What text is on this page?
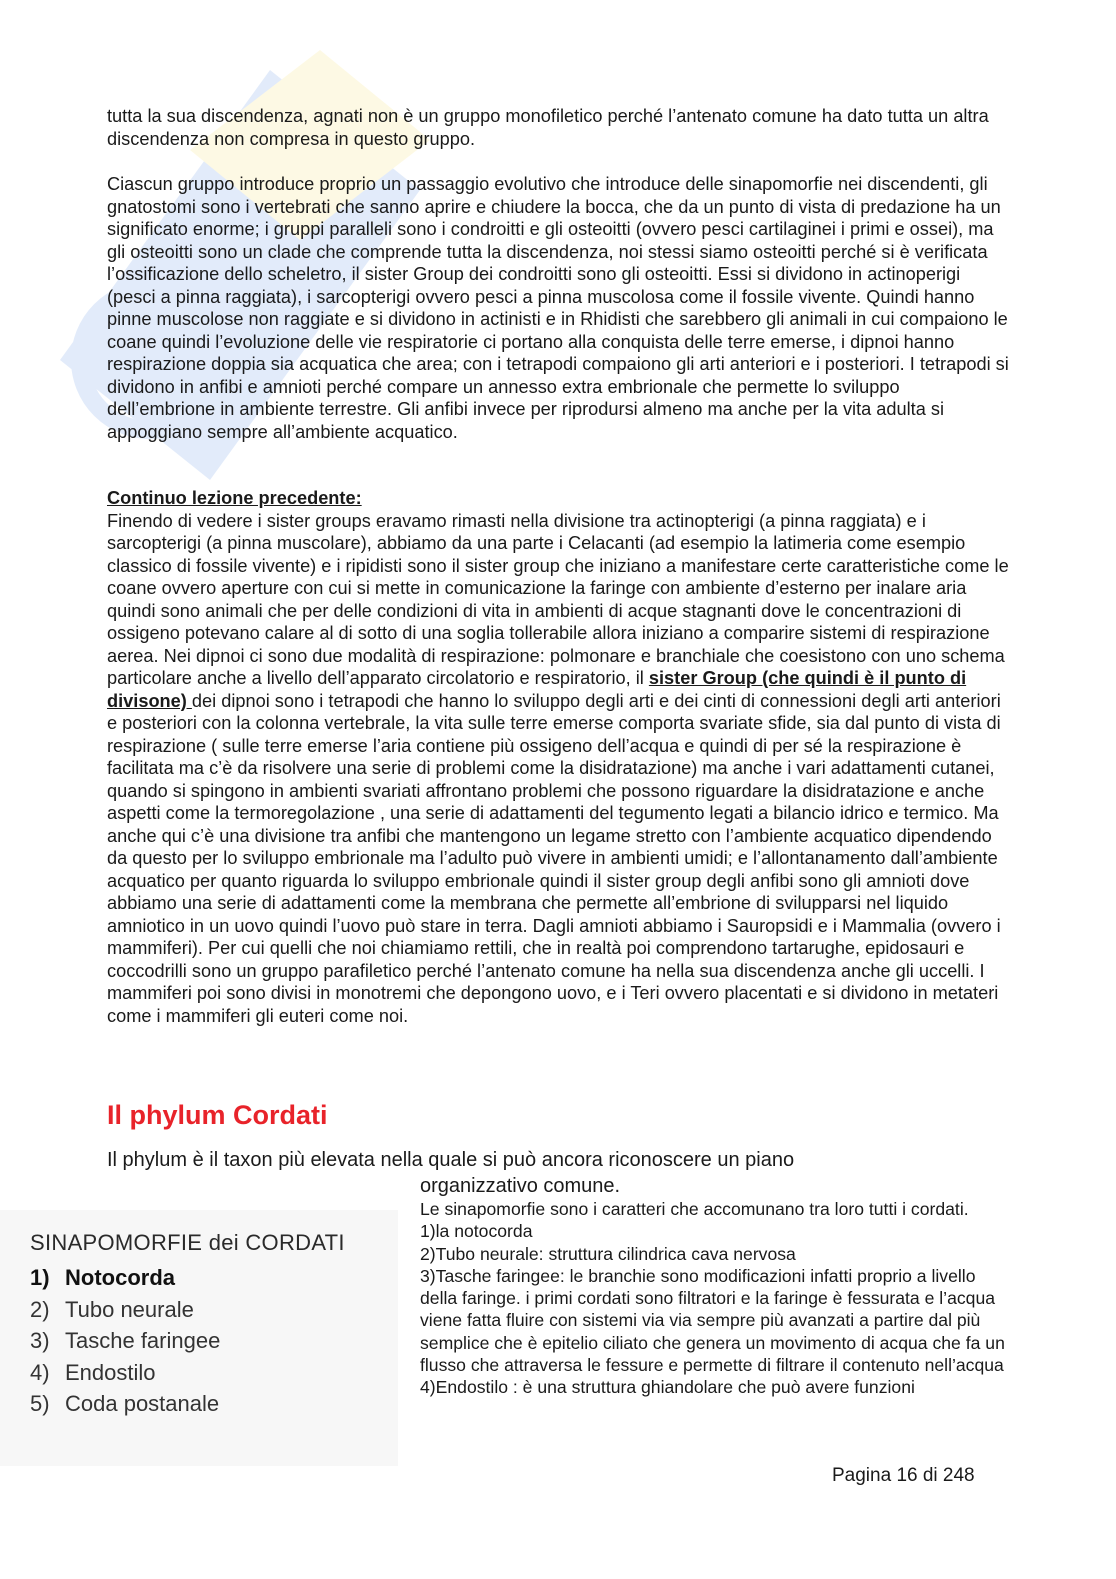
tutta la sua discendenza, agnati non è un gruppo monofiletico perché l’antenato comune ha dato tutta un altra discendenza non compresa in questo gruppo.

Ciascun gruppo introduce proprio un passaggio evolutivo che introduce delle sinapomorfie nei discendenti, gli gnatostomi sono i vertebrati che sanno aprire e chiudere la bocca, che da un punto di vista di predazione ha un significato enorme; i gruppi paralleli sono i condroitti e gli osteoitti (ovvero pesci cartilaginei i primi e ossei), ma gli osteoitti sono un clade che comprende tutta la discendenza, noi stessi siamo osteoitti perché si è verificata l’ossificazione dello scheletro, il sister Group dei condroitti sono gli osteoitti. Essi si dividono in actinoperigi (pesci a pinna raggiata), i sarcopterigi ovvero pesci a pinna muscolosa come il fossile vivente. Quindi hanno pinne muscolose non raggiate e si dividono in actinisti e in Rhidisti che sarebbero gli animali in cui compaiono le coane quindi l’evoluzione delle vie respiratorie ci portano alla conquista delle terre emerse, i dipnoi hanno respirazione doppia sia acquatica che area; con i tetrapodi compaiono gli arti anteriori e i posteriori. I tetrapodi si dividono in anfibi e amnioti perché compare un annesso extra embrionale che permette lo sviluppo dell’embrione in ambiente terrestre. Gli anfibi invece per riprodursi almeno ma anche per la vita adulta si appoggiano sempre all’ambiente acquatico.

Continuo lezione precedente:
Finendo di vedere i sister groups eravamo rimasti nella divisione tra actinopterigi (a pinna raggiata) e i sarcopterigi (a pinna muscolare), abbiamo da una parte i Celacanti (ad esempio la latimeria come esempio classico di fossile vivente) e i ripidisti sono il sister group che iniziano a manifestare certe caratteristiche come le coane ovvero aperture con cui si mette in comunicazione la faringe con ambiente d’esterno per inalare aria quindi sono animali che per delle condizioni di vita in ambienti di acque stagnanti dove le concentrazioni di ossigeno potevano calare al di sotto di una soglia tollerabile allora iniziano a comparire sistemi di respirazione aerea. Nei dipnoi ci sono due modalità di respirazione: polmonare e branchiale che coesistono con uno schema particolare anche a livello dell’apparato circolatorio e respiratorio, il sister Group (che quindi è il punto di divisone) dei dipnoi sono i tetrapodi che hanno lo sviluppo degli arti e dei cinti di connessioni degli arti anteriori e posteriori con la colonna vertebrale, la vita sulle terre emerse comporta svariate sfide, sia dal punto di vista di respirazione ( sulle terre emerse l’aria contiene più ossigeno dell’acqua e quindi di per sé la respirazione è facilitata ma c’è da risolvere una serie di problemi come la disidratazione) ma anche i vari adattamenti cutanei, quando si spingono in ambienti svariati affrontano problemi che possono riguardare la disidratazione e anche aspetti come la termoregolazione , una serie di adattamenti del tegumento legati a bilancio idrico e termico. Ma anche qui c’è una divisione tra anfibi che mantengono un legame stretto con l’ambiente acquatico dipendendo da questo per lo sviluppo embrionale ma l’adulto può vivere in ambienti umidi; e l’allontanamento dall’ambiente acquatico per quanto riguarda lo sviluppo embrionale quindi il sister group degli anfibi sono gli amnioti dove abbiamo una serie di adattamenti come la membrana che permette all’embrione di svilupparsi nel liquido amniotico in un uovo quindi l’uovo può stare in terra. Dagli amnioti abbiamo i Sauropsidi e i Mammalia (ovvero i mammiferi). Per cui quelli che noi chiamiamo rettili, che in realtà poi comprendono tartarughe, epidosauri e coccodrilli sono un gruppo parafiletico perché l’antenato comune ha nella sua discendenza anche gli uccelli. I mammiferi poi sono divisi in monotremi che depongono uovo, e i Teri ovvero placentati e si dividono in metateri come i mammiferi gli euteri come noi.
Il phylum Cordati

Il phylum è il taxon più elevata nella quale si può ancora riconoscere un piano

organizzativo comune.

Le sinapomorfie sono i caratteri che accomunano tra loro tutti i cordati.

1)la notocorda

2)Tubo neurale: struttura cilindrica cava nervosa

3)Tasche faringee: le branchie sono modificazioni infatti proprio a livello della faringe. i primi cordati sono filtratori e la faringe è fessurata e l’acqua viene fatta fluire con sistemi via via sempre più avanzati a partire dal più semplice che è epitelio ciliato che genera un movimento di acqua che fa un flusso che attraversa le fessure e permette di filtrare il contenuto nell’acqua

4)Endostilo : è una struttura ghiandolare che può avere funzioni

SINAPOMORFIE dei CORDATI

1) Notocorda
2) Tubo neurale
3) Tasche faringee
4) Endostilo
5) Coda postanale

Pagina 16 di 248
